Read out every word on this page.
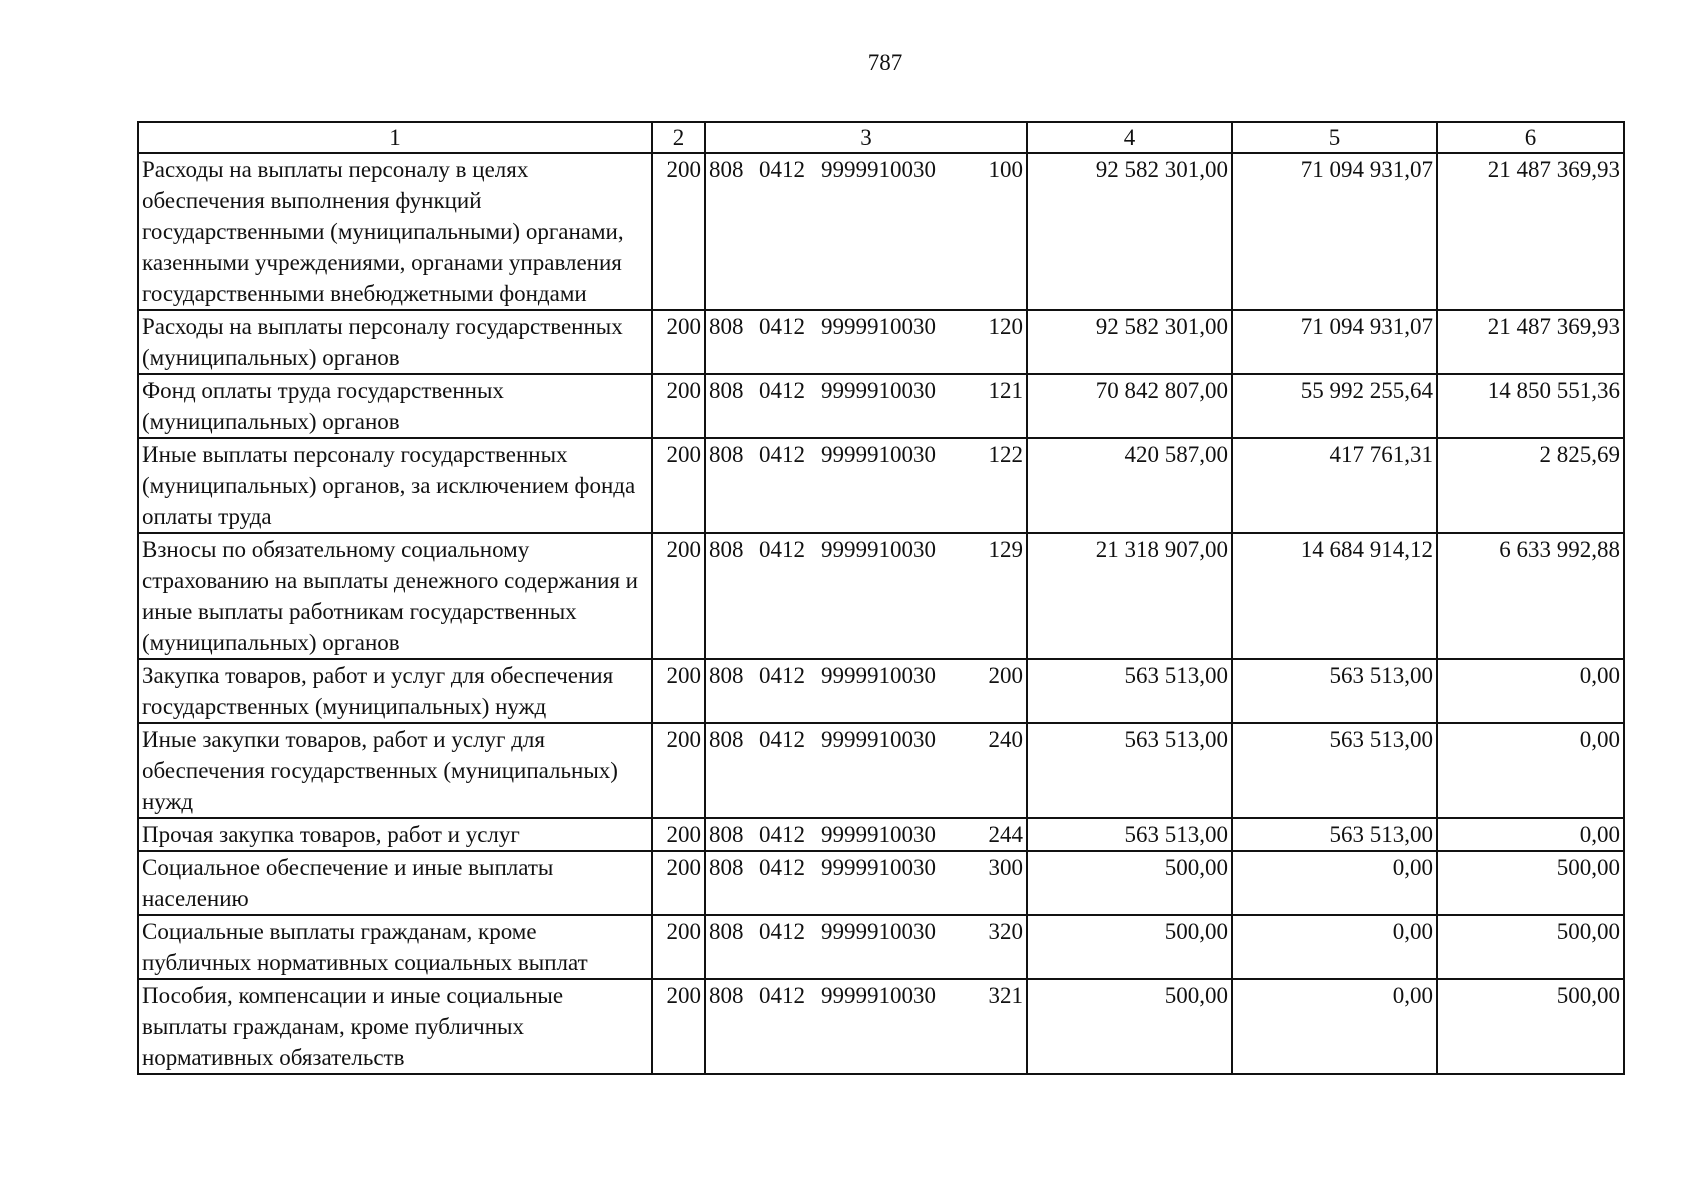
787
1	2	3	4	5	6
Расходы на выплаты персоналу в целях обеспечения выполнения функций государственными (муниципальными) органами, казенными учреждениями, органами управления государственными внебюджетными фондами	200	808 0412 9999910030 100	92 582 301,00	71 094 931,07	21 487 369,93
Расходы на выплаты персоналу государственных (муниципальных) органов	200	808 0412 9999910030 120	92 582 301,00	71 094 931,07	21 487 369,93
Фонд оплаты труда государственных (муниципальных) органов	200	808 0412 9999910030 121	70 842 807,00	55 992 255,64	14 850 551,36
Иные выплаты персоналу государственных (муниципальных) органов, за исключением фонда оплаты труда	200	808 0412 9999910030 122	420 587,00	417 761,31	2 825,69
Взносы по обязательному социальному страхованию на выплаты денежного содержания и иные выплаты работникам государственных (муниципальных) органов	200	808 0412 9999910030 129	21 318 907,00	14 684 914,12	6 633 992,88
Закупка товаров, работ и услуг для обеспечения государственных (муниципальных) нужд	200	808 0412 9999910030 200	563 513,00	563 513,00	0,00
Иные закупки товаров, работ и услуг для обеспечения государственных (муниципальных) нужд	200	808 0412 9999910030 240	563 513,00	563 513,00	0,00
Прочая закупка товаров, работ и услуг	200	808 0412 9999910030 244	563 513,00	563 513,00	0,00
Социальное обеспечение и иные выплаты населению	200	808 0412 9999910030 300	500,00	0,00	500,00
Социальные выплаты гражданам, кроме публичных нормативных социальных выплат	200	808 0412 9999910030 320	500,00	0,00	500,00
Пособия, компенсации и иные социальные выплаты гражданам, кроме публичных нормативных обязательств	200	808 0412 9999910030 321	500,00	0,00	500,00
